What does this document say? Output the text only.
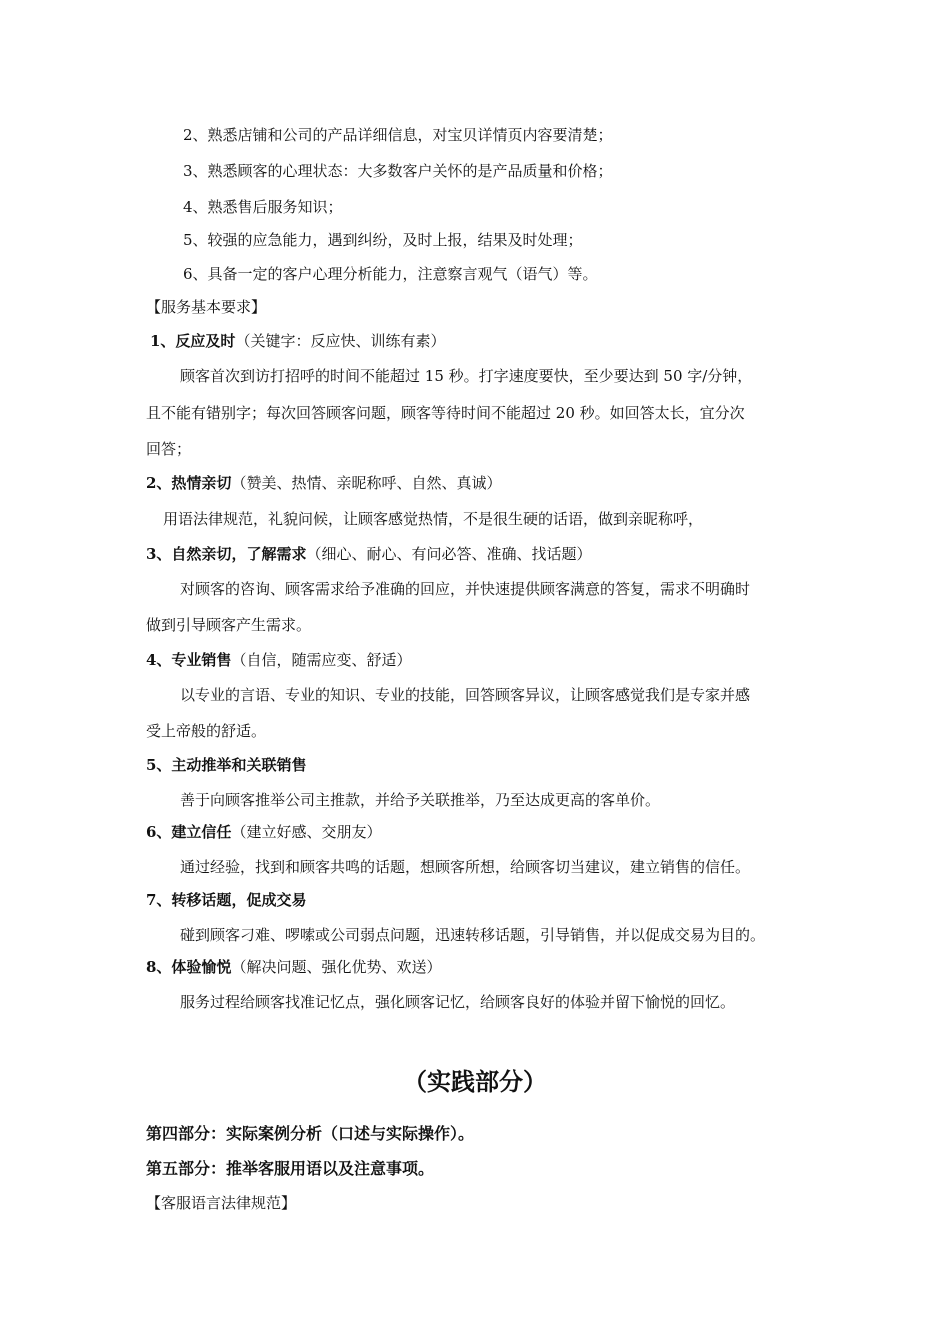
2、熟悉店铺和公司的产品详细信息，对宝贝详情页内容要清楚；
3、熟悉顾客的心理状态：大多数客户关怀的是产品质量和价格；
4、熟悉售后服务知识；
5、较强的应急能力，遇到纠纷，及时上报，结果及时处理；
6、具备一定的客户心理分析能力，注意察言观气（语气）等。
【服务基本要求】
1、反应及时（关键字：反应快、训练有素）
顾客首次到访打招呼的时间不能超过 15 秒。打字速度要快，至少要达到 50 字/分钟，
且不能有错别字；每次回答顾客问题，顾客等待时间不能超过 20 秒。如回答太长，宜分次
回答；
2、热情亲切（赞美、热情、亲昵称呼、自然、真诚）
用语法律规范，礼貌问候，让顾客感觉热情，不是很生硬的话语，做到亲昵称呼，
3、自然亲切，了解需求（细心、耐心、有问必答、准确、找话题）
对顾客的咨询、顾客需求给予准确的回应，并快速提供顾客满意的答复，需求不明确时
做到引导顾客产生需求。
4、专业销售（自信，随需应变、舒适）
以专业的言语、专业的知识、专业的技能，回答顾客异议，让顾客感觉我们是专家并感
受上帝般的舒适。
5、主动推举和关联销售
善于向顾客推举公司主推款，并给予关联推举，乃至达成更高的客单价。
6、建立信任（建立好感、交朋友）
通过经验，找到和顾客共鸣的话题，想顾客所想，给顾客切当建议，建立销售的信任。
7、转移话题，促成交易
碰到顾客刁难、啰嗦或公司弱点问题，迅速转移话题，引导销售，并以促成交易为目的。
8、体验愉悦（解决问题、强化优势、欢送）
服务过程给顾客找准记忆点，强化顾客记忆，给顾客良好的体验并留下愉悦的回忆。
（实践部分）
第四部分：实际案例分析（口述与实际操作）。
第五部分：推举客服用语以及注意事项。
【客服语言法律规范】
